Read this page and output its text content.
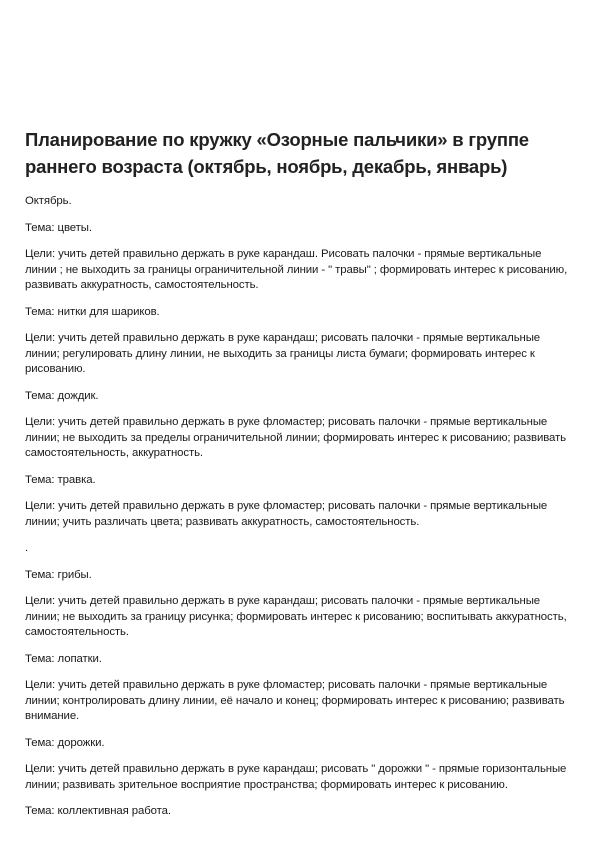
Планирование по кружку «Озорные пальчики» в группе раннего возраста (октябрь, ноябрь, декабрь, январь)

Октябрь.

Тема: цветы.

Цели: учить детей правильно держать в руке карандаш. Рисовать палочки - прямые вертикальные линии ; не выходить за границы ограничительной линии - " травы" ; формировать интерес к рисованию, развивать аккуратность, самостоятельность.

Тема: нитки для шариков.

Цели: учить детей правильно держать в руке карандаш; рисовать палочки - прямые вертикальные линии; регулировать длину линии, не выходить за границы листа бумаги; формировать интерес к рисованию.

Тема: дождик.

Цели: учить детей правильно держать в руке фломастер; рисовать палочки - прямые вертикальные линии; не выходить за пределы ограничительной линии; формировать интерес к рисованию; развивать самостоятельность, аккуратность.

Тема: травка.

Цели: учить детей правильно держать в руке фломастер; рисовать палочки - прямые вертикальные линии; учить различать цвета; развивать аккуратность, самостоятельность.

.

Тема: грибы.

Цели: учить детей правильно держать в руке карандаш; рисовать палочки - прямые вертикальные линии; не выходить за границу рисунка; формировать интерес к рисованию; воспитывать аккуратность, самостоятельность.

Тема: лопатки.

Цели: учить детей правильно держать в руке фломастер; рисовать палочки - прямые вертикальные линии; контролировать длину линии, её начало и конец; формировать интерес к рисованию; развивать внимание.

Тема: дорожки.

Цели: учить детей правильно держать в руке карандаш; рисовать " дорожки " - прямые горизонтальные линии; развивать зрительное восприятие пространства; формировать интерес к рисованию.

Тема: коллективная работа.
